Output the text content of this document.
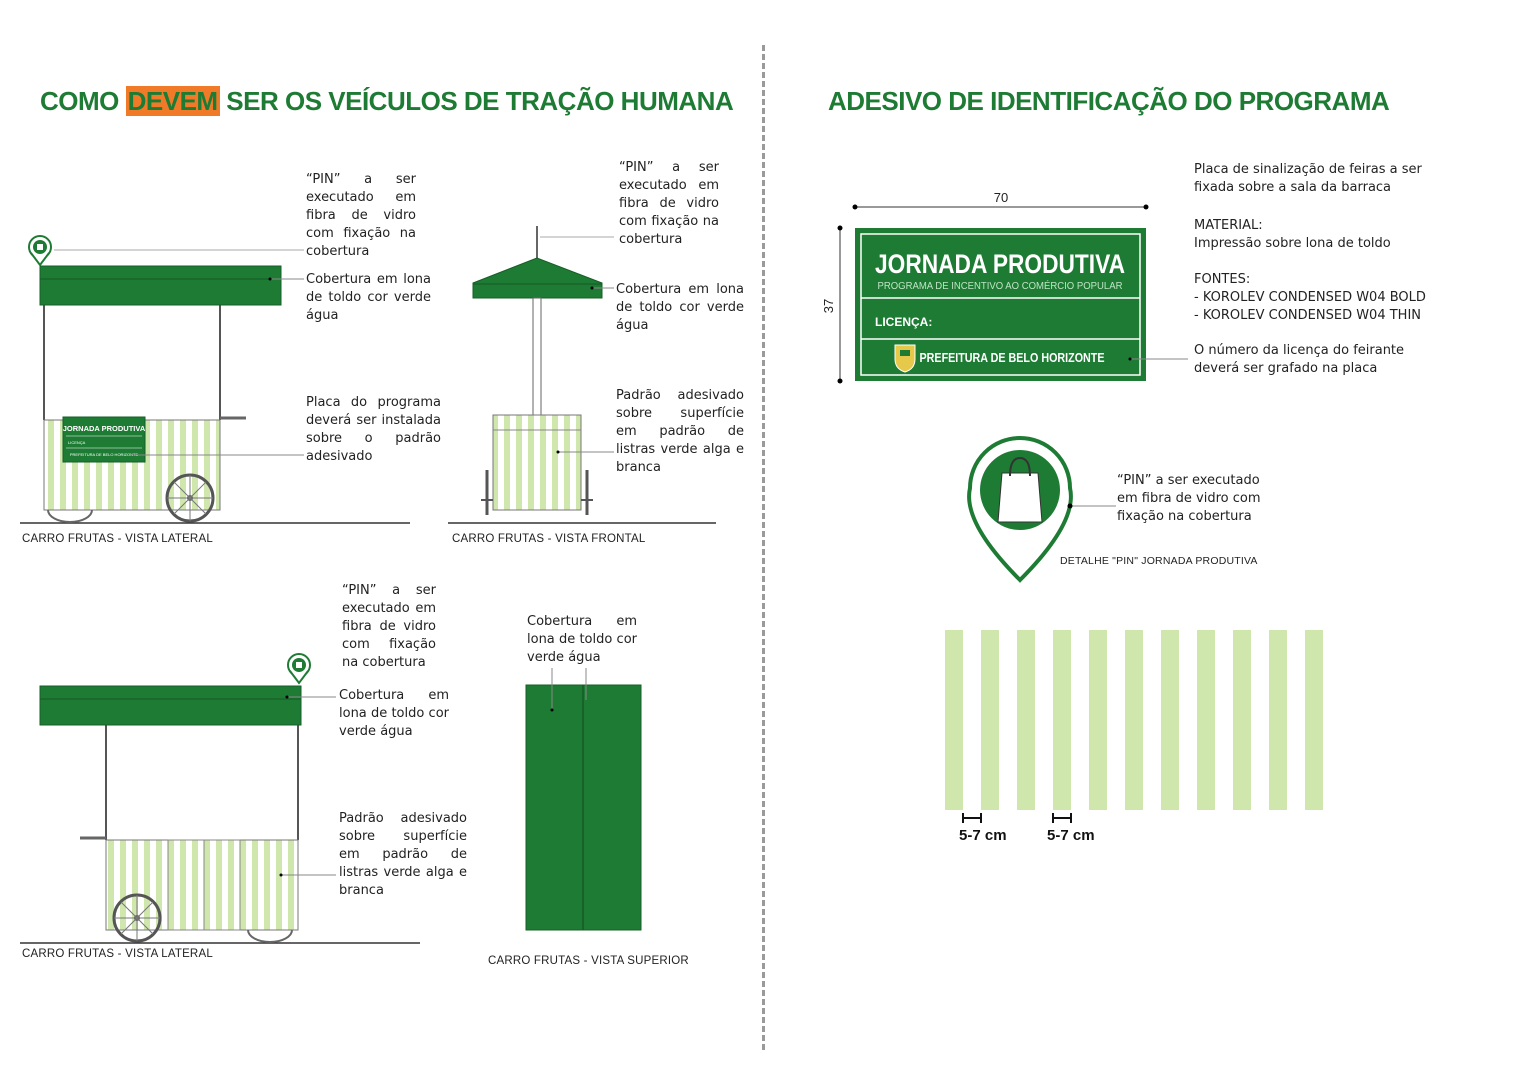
COMO DEVEM SER OS VEÍCULOS DE TRAÇÃO HUMANA	ADESIVO DE IDENTIFICAÇÃO DO PROGRAMA
JORNADA PRODUTIVA
LICENÇA
PREFEITURA DE BELO HORIZONTE
“PIN” a ser executado em fibra de vidro com fixação na cobertura
Cobertura em lona de toldo cor verde água
Placa do programa deverá ser instalada sobre o padrão adesivado
“PIN” a ser executado em fibra de vidro com fixação na cobertura
Cobertura em lona de toldo cor verde água
Padrão adesivado sobre superfície em padrão de listras verde alga e branca
“PIN” a ser executado em fibra de vidro com fixação na cobertura
Cobertura em lona de toldo cor verde água
Padrão adesivado sobre superfície em padrão de listras verde alga e branca
Cobertura em lona de toldo cor verde água
CARRO FRUTAS - VISTA LATERAL	CARRO FRUTAS - VISTA FRONTAL
CARRO FRUTAS - VISTA LATERAL
CARRO FRUTAS - VISTA SUPERIOR
70
37
JORNADA PRODUTIVA
PROGRAMA DE INCENTIVO AO COMÉRCIO POPULAR
LICENÇA:
PREFEITURA DE BELO HORIZONTE
Placa de sinalização de feiras a ser
fixada sobre a sala da barraca
MATERIAL:
Impressão sobre lona de toldo
FONTES:
- KOROLEV CONDENSED W04 BOLD
- KOROLEV CONDENSED W04 THIN
O número da licença do feirante
deverá ser grafado na placa
“PIN” a ser executado
em fibra de vidro com
fixação na cobertura
DETALHE "PIN" JORNADA PRODUTIVA
5-7 cm	5-7 cm
